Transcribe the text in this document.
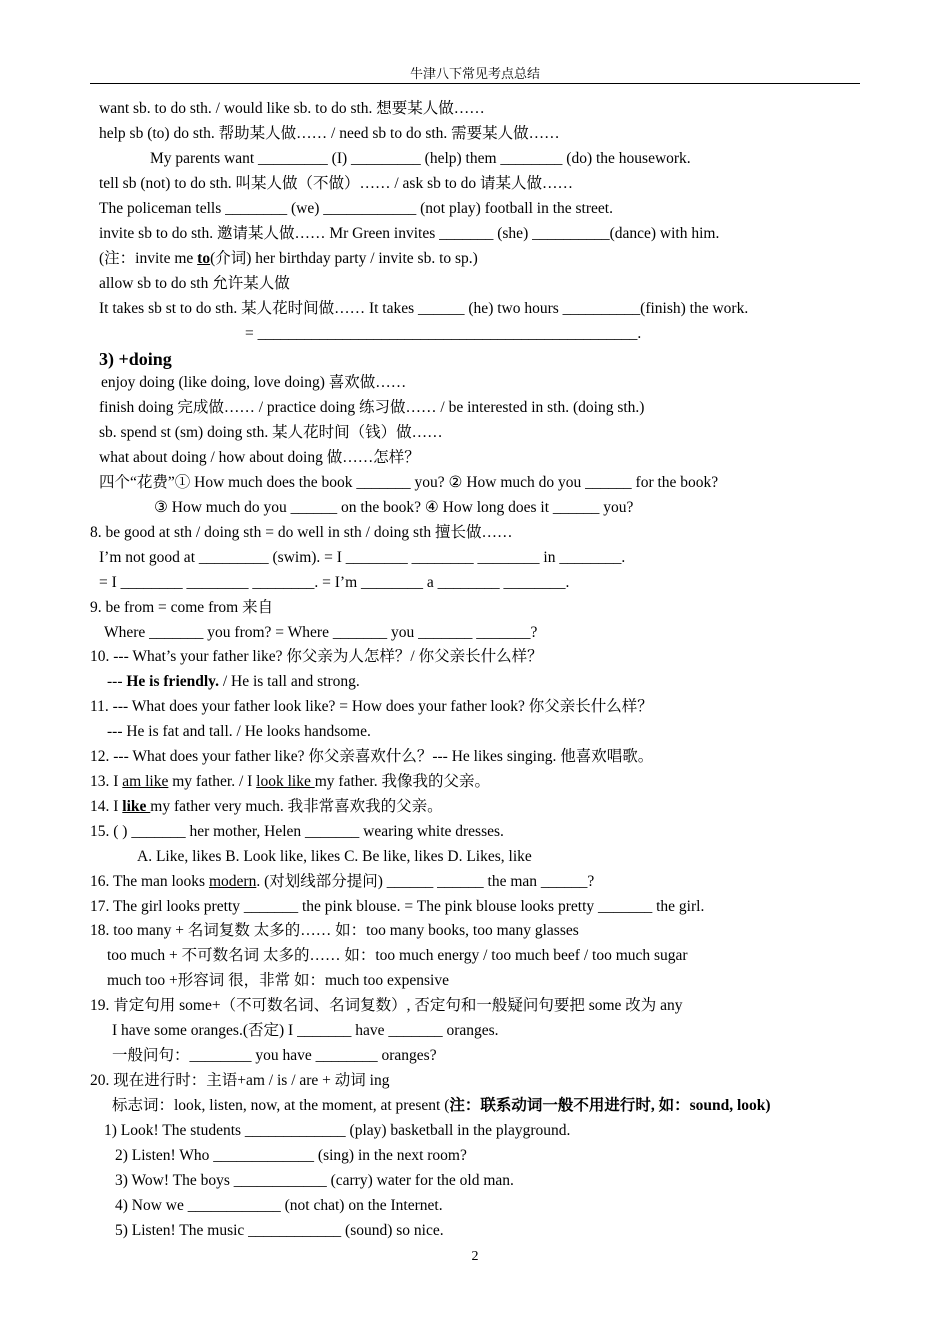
牛津八下常见考点总结
want sb. to do sth. / would like sb. to do sth. 想要某人做……
help sb (to) do sth. 帮助某人做…… / need sb to do sth. 需要某人做……
My parents want _________ (I) _________ (help) them ________ (do) the housework.
tell sb (not) to do sth. 叫某人做（不做）…… / ask sb to do 请某人做……
The policeman tells ________ (we) ____________ (not play) football in the street.
invite sb to do sth. 邀请某人做…… Mr Green invites _______ (she) __________(dance) with him.
(注：invite me to(介词) her birthday party / invite sb. to sp.)
allow sb to do sth 允许某人做
It takes sb st to do sth. 某人花时间做…… It takes ______ (he) two hours __________(finish) the work.
= _________________________________________________.
3) +doing
enjoy doing (like doing, love doing) 喜欢做……
finish doing 完成做…… / practice doing 练习做…… / be interested in sth. (doing sth.)
sb. spend st (sm) doing sth. 某人花时间（钱）做……
what about doing / how about doing 做……怎样？
四个“花费”① How much does the book _______ you? ② How much do you ______ for the book?
③ How much do you ______ on the book? ④ How long does it ______ you?
8. be good at sth / doing sth = do well in sth / doing sth 擅长做……
I’m not good at _________ (swim). = I ________ ________ ________ in ________.
= I ________ ________ ________. = I’m ________ a ________ ________.
9. be from = come from 来自
Where _______ you from? = Where _______ you _______ _______?
10. --- What’s your father like? 你父亲为人怎样？/ 你父亲长什么样？
--- He is friendly. / He is tall and strong.
11. --- What does your father look like? = How does your father look? 你父亲长什么样？
--- He is fat and tall. / He looks handsome.
12. --- What does your father like? 你父亲喜欢什么？--- He likes singing. 他喜欢唱歌。
13. I am like my father. / I look like my father. 我像我的父亲。
14. I like my father very much. 我非常喜欢我的父亲。
15. ( ) _______ her mother, Helen _______ wearing white dresses.
A. Like, likes B. Look like, likes C. Be like, likes D. Likes, like
16. The man looks modern. (对划线部分提问) ______ ______ the man ______?
17. The girl looks pretty _______ the pink blouse. = The pink blouse looks pretty _______ the girl.
18. too many + 名词复数 太多的…… 如：too many books, too many glasses
too much + 不可数名词 太多的…… 如：too much energy / too much beef / too much sugar
much too +形容词 很，非常 如：much too expensive
19. 肯定句用 some+（不可数名词、名词复数）, 否定句和一般疑问句要把 some 改为 any
I have some oranges.(否定) I _______ have _______ oranges.
一般问句：________ you have ________ oranges?
20. 现在进行时：主语+am / is / are + 动词 ing
标志词：look, listen, now, at the moment, at present (注：联系动词一般不用进行时, 如：sound, look)
1) Look! The students _____________ (play) basketball in the playground.
2) Listen! Who _____________ (sing) in the next room?
3) Wow! The boys ____________ (carry) water for the old man.
4) Now we ____________ (not chat) on the Internet.
5) Listen! The music ____________ (sound) so nice.
2
